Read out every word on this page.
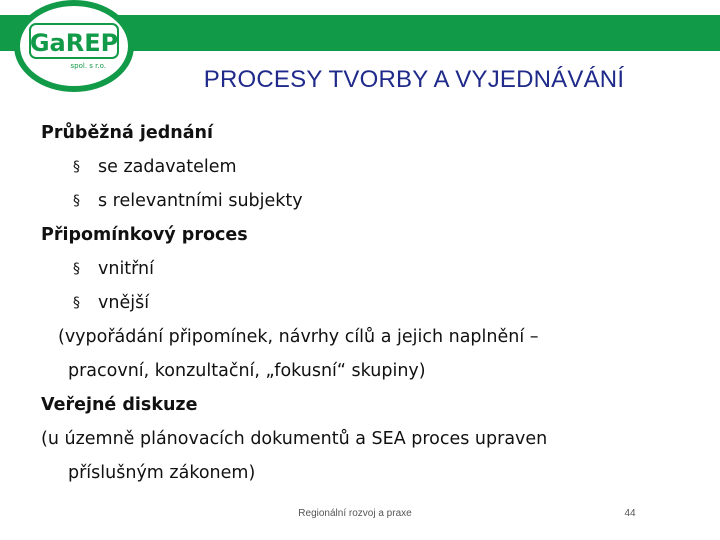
GaREP
spol. s r.o.	PROCESY TVORBY A VYJEDNÁVÁNÍ
Průběžná jednání
§ se zadavatelem
§ s relevantními subjekty
Připomínkový proces
§ vnitřní
§ vnější
(vypořádání připomínek, návrhy cílů a jejich naplnění –
pracovní, konzultační, „fokusní“ skupiny)
Veřejné diskuze
(u územně plánovacích dokumentů a SEA proces upraven
příslušným zákonem)
Regionální rozvoj a praxe	44
